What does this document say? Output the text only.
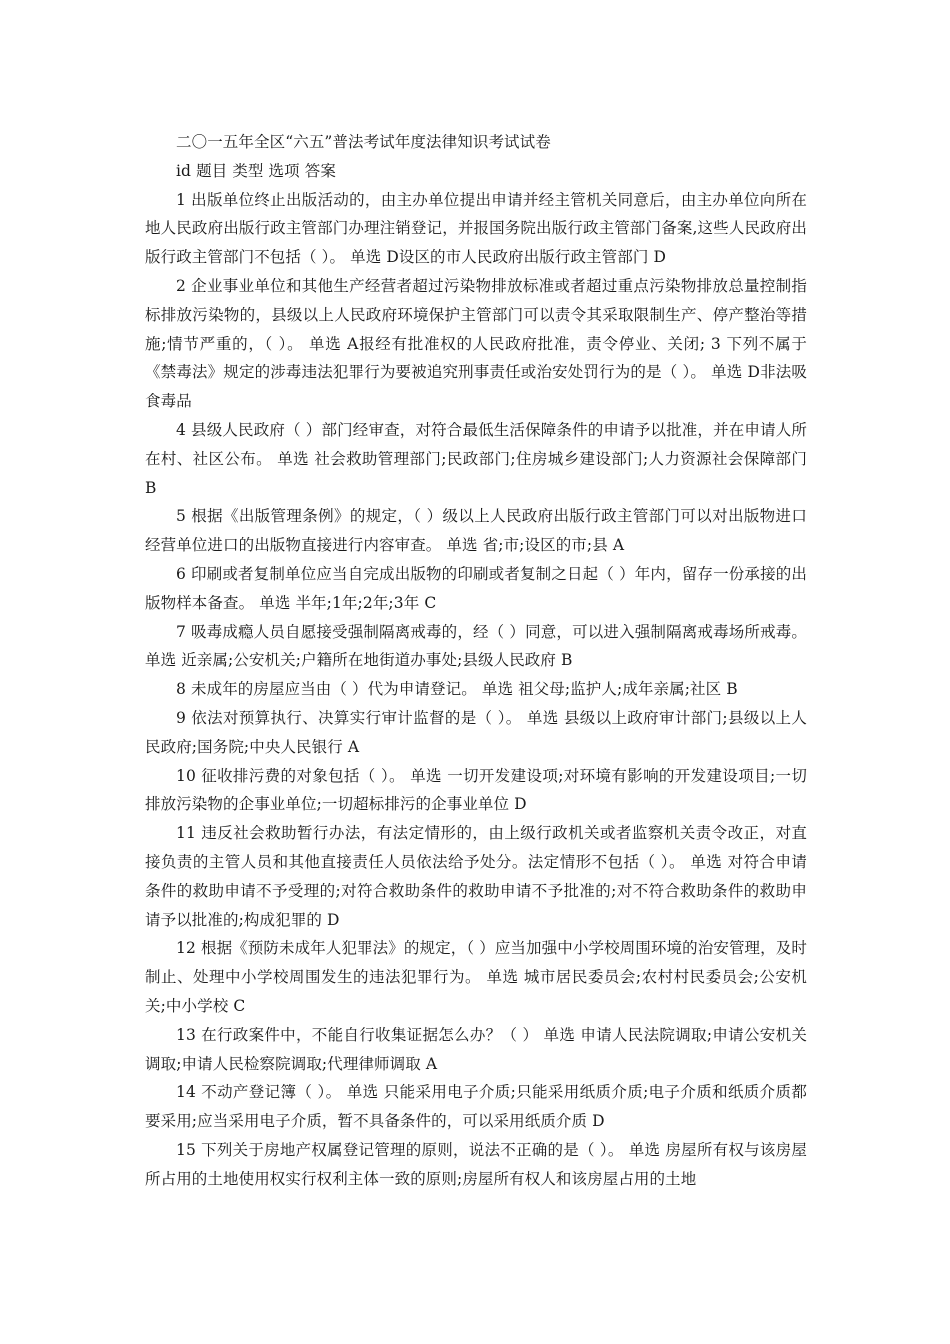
二〇一五年全区“六五”普法考试年度法律知识考试试卷

id 题目 类型 选项 答案

1 出版单位终止出版活动的，由主办单位提出申请并经主管机关同意后，由主办单位向所在地人民政府出版行政主管部门办理注销登记，并报国务院出版行政主管部门备案,这些人民政府出版行政主管部门不包括（ ）。 单选 D设区的市人民政府出版行政主管部门 D

2 企业事业单位和其他生产经营者超过污染物排放标准或者超过重点污染物排放总量控制指标排放污染物的，县级以上人民政府环境保护主管部门可以责令其采取限制生产、停产整治等措施;情节严重的，（ ）。 单选 A报经有批准权的人民政府批准，责令停业、关闭; 3 下列不属于《禁毒法》规定的涉毒违法犯罪行为要被追究刑事责任或治安处罚行为的是（ ）。 单选 D非法吸食毒品

4 县级人民政府（ ）部门经审查，对符合最低生活保障条件的申请予以批准，并在申请人所在村、社区公布。 单选 社会救助管理部门;民政部门;住房城乡建设部门;人力资源社会保障部门 B

5 根据《出版管理条例》的规定，（ ）级以上人民政府出版行政主管部门可以对出版物进口经营单位进口的出版物直接进行内容审查。 单选 省;市;设区的市;县 A

6 印刷或者复制单位应当自完成出版物的印刷或者复制之日起（ ）年内，留存一份承接的出版物样本备查。 单选 半年;1年;2年;3年 C

7 吸毒成瘾人员自愿接受强制隔离戒毒的，经（ ）同意，可以进入强制隔离戒毒场所戒毒。 单选 近亲属;公安机关;户籍所在地街道办事处;县级人民政府 B

8 未成年的房屋应当由（ ）代为申请登记。 单选 祖父母;监护人;成年亲属;社区 B

9 依法对预算执行、决算实行审计监督的是（ ）。 单选 县级以上政府审计部门;县级以上人民政府;国务院;中央人民银行 A

10 征收排污费的对象包括（ ）。 单选 一切开发建设项;对环境有影响的开发建设项目;一切排放污染物的企事业单位;一切超标排污的企事业单位 D

11 违反社会救助暂行办法，有法定情形的，由上级行政机关或者监察机关责令改正，对直接负责的主管人员和其他直接责任人员依法给予处分。法定情形不包括（ ）。 单选 对符合申请条件的救助申请不予受理的;对符合救助条件的救助申请不予批准的;对不符合救助条件的救助申请予以批准的;构成犯罪的 D

12 根据《预防未成年人犯罪法》的规定，（ ）应当加强中小学校周围环境的治安管理，及时制止、处理中小学校周围发生的违法犯罪行为。 单选 城市居民委员会;农村村民委员会;公安机关;中小学校 C

13 在行政案件中，不能自行收集证据怎么办？（ ） 单选 申请人民法院调取;申请公安机关调取;申请人民检察院调取;代理律师调取 A

14 不动产登记簿（ ）。 单选 只能采用电子介质;只能采用纸质介质;电子介质和纸质介质都要采用;应当采用电子介质，暂不具备条件的，可以采用纸质介质 D

15 下列关于房地产权属登记管理的原则，说法不正确的是（ ）。 单选 房屋所有权与该房屋所占用的土地使用权实行权利主体一致的原则;房屋所有权人和该房屋占用的土地
